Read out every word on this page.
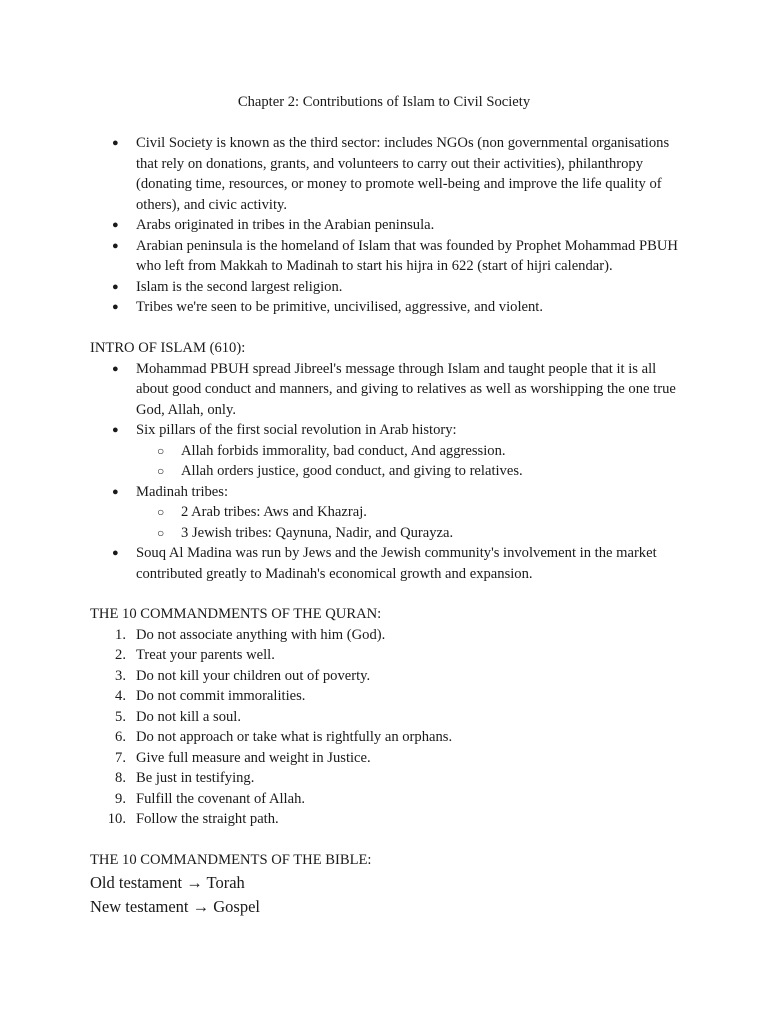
Chapter 2: Contributions of Islam to Civil Society
● Civil Society is known as the third sector: includes NGOs (non governmental organisations that rely on donations, grants, and volunteers to carry out their activities), philanthropy (donating time, resources, or money to promote well-being and improve the life quality of others), and civic activity.
● Arabs originated in tribes in the Arabian peninsula.
● Arabian peninsula is the homeland of Islam that was founded by Prophet Mohammad PBUH who left from Makkah to Madinah to start his hijra in 622 (start of hijri calendar).
● Islam is the second largest religion.
● Tribes we're seen to be primitive, uncivilised, aggressive, and violent.

INTRO OF ISLAM (610):

● Mohammad PBUH spread Jibreel's message through Islam and taught people that it is all about good conduct and manners, and giving to relatives as well as worshipping the one true God, Allah, only.
● Six pillars of the first social revolution in Arab history:
○ Allah forbids immorality, bad conduct, And aggression.
○ Allah orders justice, good conduct, and giving to relatives.
● Madinah tribes:
○ 2 Arab tribes: Aws and Khazraj.
○ 3 Jewish tribes: Qaynuna, Nadir, and Qurayza.
● Souq Al Madina was run by Jews and the Jewish community's involvement in the market contributed greatly to Madinah's economical growth and expansion.

THE 10 COMMANDMENTS OF THE QURAN:

1. Do not associate anything with him (God).
2. Treat your parents well.
3. Do not kill your children out of poverty.
4. Do not commit immoralities.
5. Do not kill a soul.
6. Do not approach or take what is rightfully an orphans.
7. Give full measure and weight in Justice.
8. Be just in testifying.
9. Fulfill the covenant of Allah.
10. Follow the straight path.

THE 10 COMMANDMENTS OF THE BIBLE:

Old testament → Torah

New testament → Gospel
